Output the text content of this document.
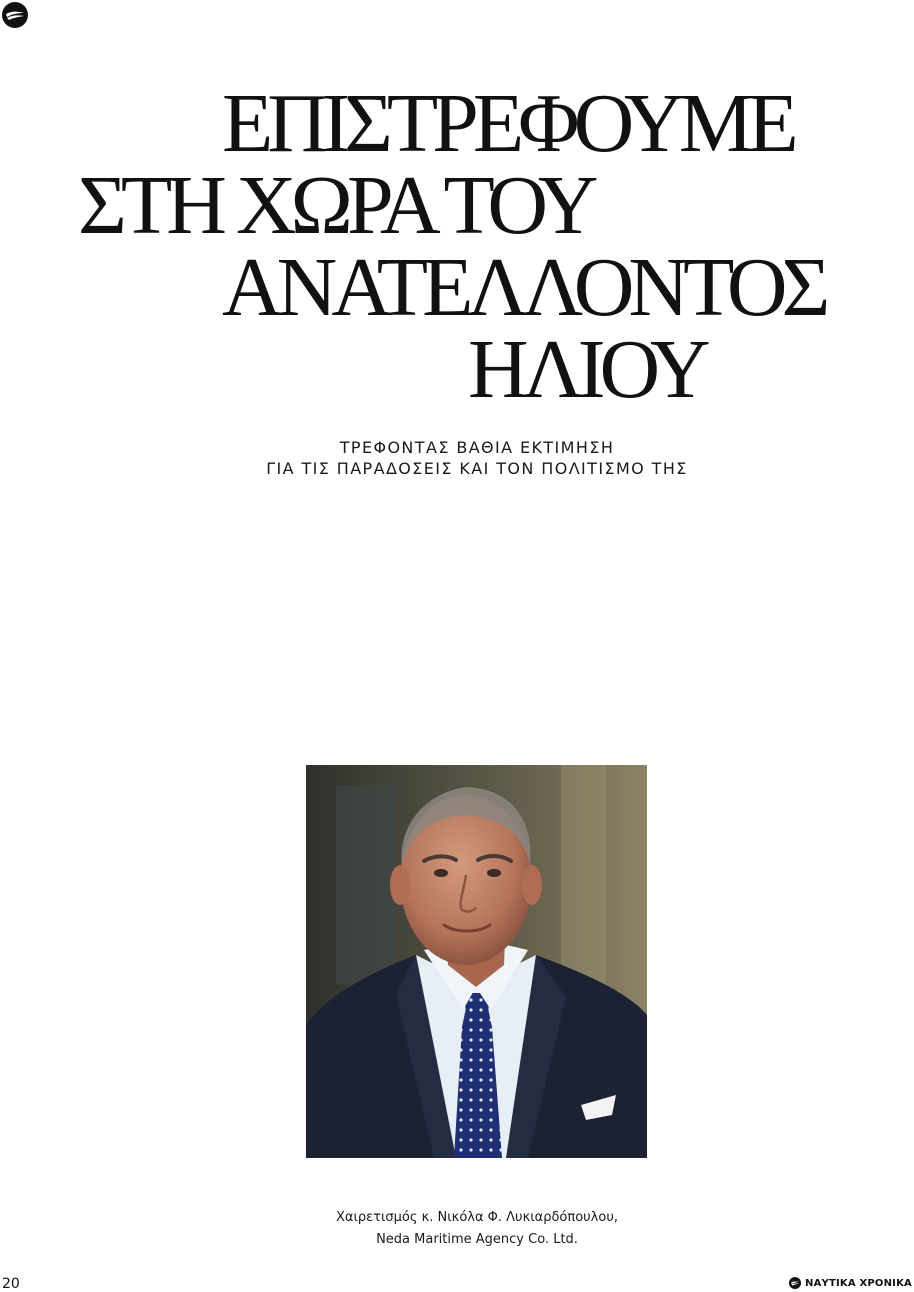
ΕΠΙΣΤΡΕΦΟΥΜΕ
ΣΤΗ ΧΩΡΑ ΤΟΥ
ΑΝΑΤΕΛΛΟΝΤΟΣ
ΗΛΙΟΥ
ΤΡΕΦΟΝΤΑΣ ΒΑΘΙΑ ΕΚΤΙΜΗΣΗ
ΓΙΑ ΤΙΣ ΠΑΡΑΔΟΣΕΙΣ ΚΑΙ ΤΟΝ ΠΟΛΙΤΙΣΜΟ ΤΗΣ
Χαιρετισμός κ. Νικόλα Φ. Λυκιαρδόπουλου,
Neda Maritime Agency Co. Ltd.
20	ΝΑΥΤΙΚΑ ΧΡΟΝΙΚΑ
